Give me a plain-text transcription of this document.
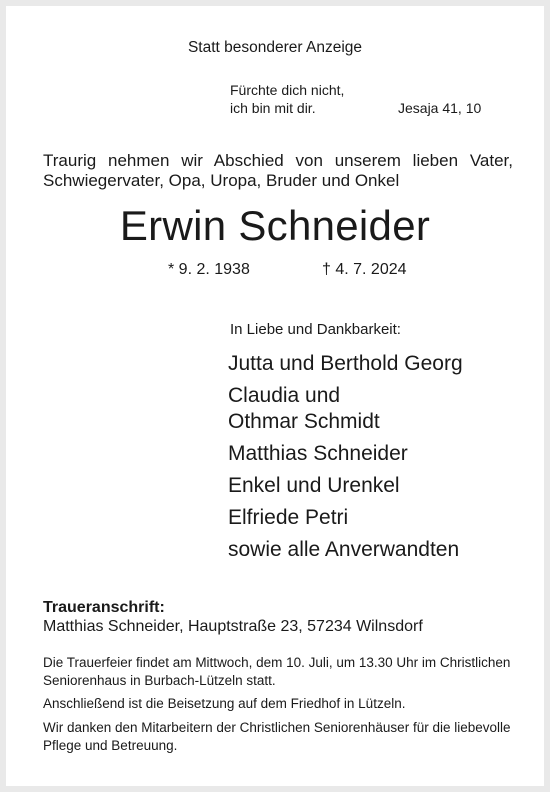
Statt besonderer Anzeige
Fürchte dich nicht,
ich bin mit dir.	Jesaja 41, 10
Traurig nehmen wir Abschied von unserem lieben Vater,
Schwiegervater, Opa, Uropa, Bruder und Onkel
Erwin Schneider
* 9. 2. 1938	† 4. 7. 2024
In Liebe und Dankbarkeit:
Jutta und Berthold Georg
Claudia und
Othmar Schmidt
Matthias Schneider
Enkel und Urenkel
Elfriede Petri
sowie alle Anverwandten
Traueranschrift:
Matthias Schneider, Hauptstraße 23, 57234 Wilnsdorf
Die Trauerfeier findet am Mittwoch, dem 10. Juli, um 13.30 Uhr im Christlichen Seniorenhaus in Burbach-Lützeln statt.
Anschließend ist die Beisetzung auf dem Friedhof in Lützeln.
Wir danken den Mitarbeitern der Christlichen Seniorenhäuser für die liebevolle Pflege und Betreuung.
